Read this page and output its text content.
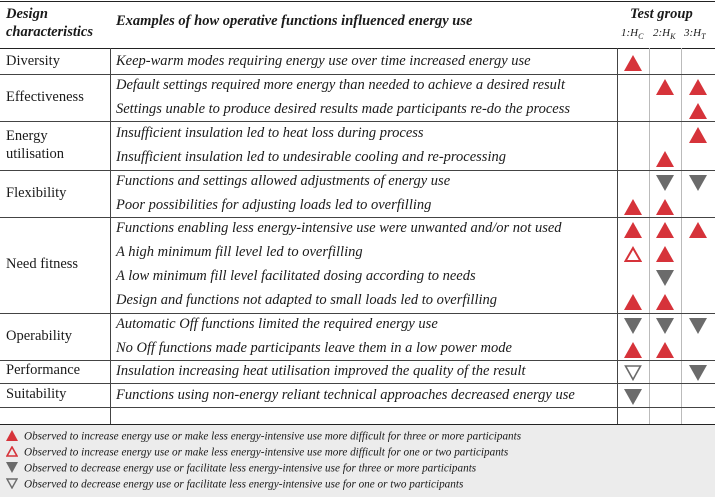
Design characteristics
Examples of how operative functions influenced energy use	Test group
$1:H_C$ $2:H_K$ $3:H_T$
Diversity
Effectiveness
Energy utilisation
Flexibility
Need fitness
Operability
Performance
Suitability
Keep-warm modes requiring energy use over time increased energy use
Default settings required more energy than needed to achieve a desired result
Settings unable to produce desired results made participants re-do the process
Insufficient insulation led to heat loss during process
Insufficient insulation led to undesirable cooling and re-processing
Functions and settings allowed adjustments of energy use
Poor possibilities for adjusting loads led to overfilling
Functions enabling less energy-intensive use were unwanted and/or not used
A high minimum fill level led to overfilling
A low minimum fill level facilitated dosing according to needs
Design and functions not adapted to small loads led to overfilling
Automatic Off functions limited the required energy use
No Off functions made participants leave them in a low power mode
Insulation increasing heat utilisation improved the quality of the result
Functions using non-energy reliant technical approaches decreased energy use
Observed to increase energy use or make less energy-intensive use more difficult for three or more participants
Observed to increase energy use or make less energy-intensive use more difficult for one or two participants
Observed to decrease energy use or facilitate less energy-intensive use for three or more participants
Observed to decrease energy use or facilitate less energy-intensive use for one or two participants
